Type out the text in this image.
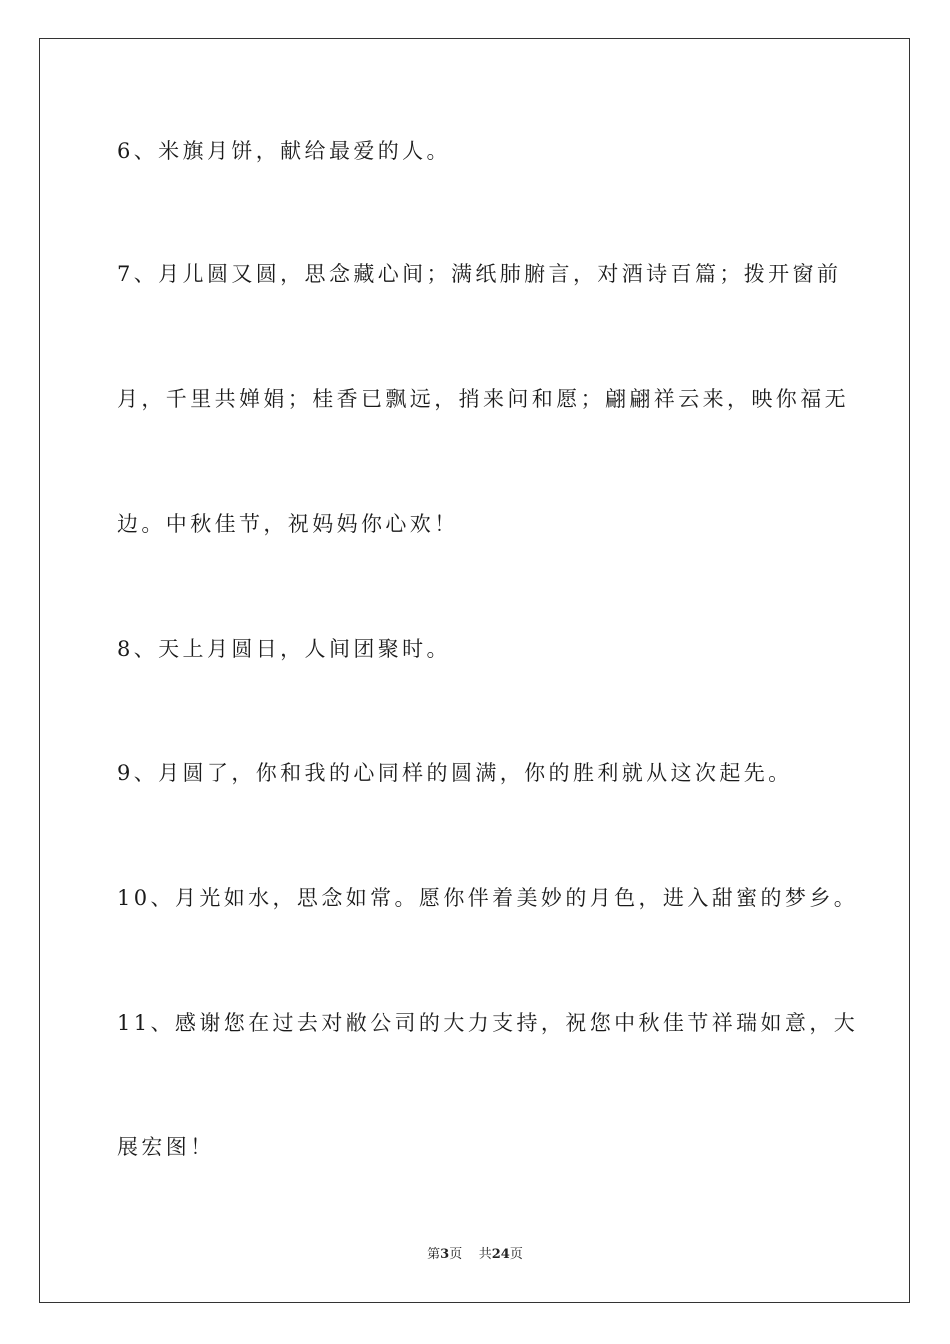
6、米旗月饼，献给最爱的人。
7、月儿圆又圆，思念藏心间；满纸肺腑言，对酒诗百篇；拨开窗前
月，千里共婵娟；桂香已飘远，捎来问和愿；翩翩祥云来，映你福无
边。中秋佳节，祝妈妈你心欢！
8、天上月圆日，人间团聚时。
9、月圆了，你和我的心同样的圆满，你的胜利就从这次起先。
10、月光如水，思念如常。愿你伴着美妙的月色，进入甜蜜的梦乡。
11、感谢您在过去对敝公司的大力支持，祝您中秋佳节祥瑞如意，大
展宏图！
第3页 共24页
